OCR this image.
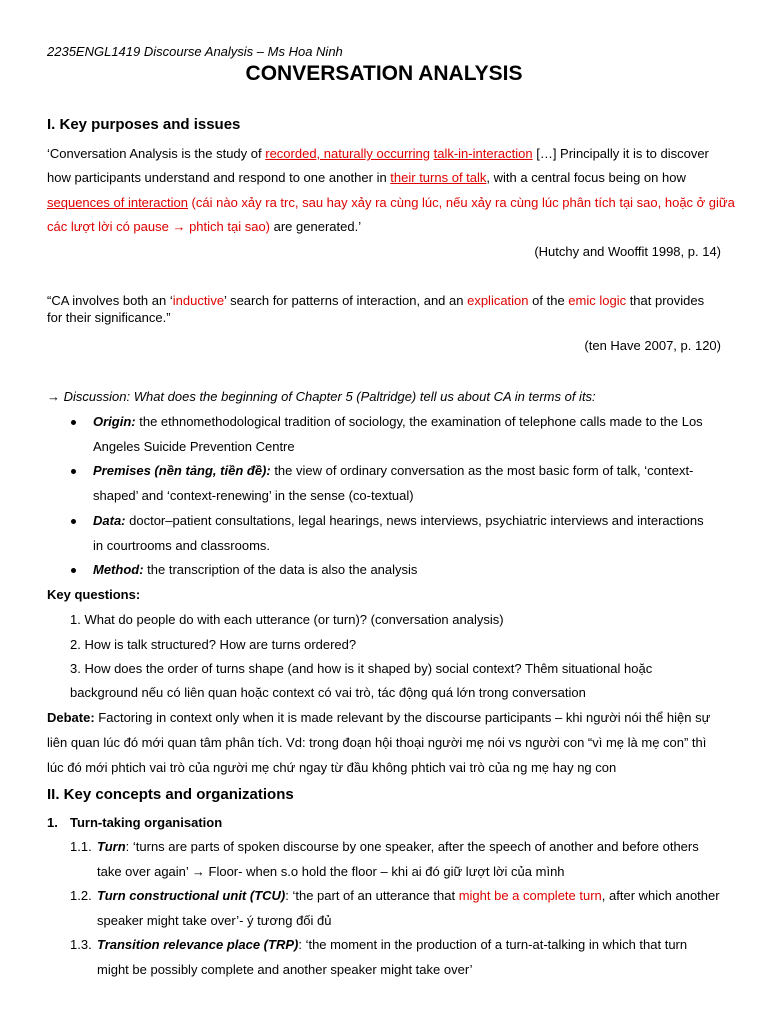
2235ENGL1419 Discourse Analysis – Ms Hoa Ninh
CONVERSATION ANALYSIS
I. Key purposes and issues
‘Conversation Analysis is the study of recorded, naturally occurring talk-in-interaction […] Principally it is to discover
how participants understand and respond to one another in their turns of talk, with a central focus being on how
sequences of interaction (cái nào xảy ra trc, sau hay xảy ra cùng lúc, nếu xảy ra cùng lúc phân tích tại sao, hoặc ở giữa
các lượt lời có pause → phtich tại sao) are generated.’
(Hutchy and Wooffit 1998, p. 14)
“CA involves both an ‘inductive’ search for patterns of interaction, and an explication of the emic logic that provides
for their significance.”
(ten Have 2007, p. 120)
→ Discussion: What does the beginning of Chapter 5 (Paltridge) tell us about CA in terms of its:
Origin: the ethnomethodological tradition of sociology, the examination of telephone calls made to the Los
Angeles Suicide Prevention Centre
Premises (nền tảng, tiền đề): the view of ordinary conversation as the most basic form of talk, ‘context-
shaped’ and ‘context-renewing’ in the sense (co-textual)
Data: doctor–patient consultations, legal hearings, news interviews, psychiatric interviews and interactions
in courtrooms and classrooms.
Method: the transcription of the data is also the analysis
Key questions:
1. What do people do with each utterance (or turn)? (conversation analysis)
2. How is talk structured? How are turns ordered?
3. How does the order of turns shape (and how is it shaped by) social context? Thêm situational hoặc
background nếu có liên quan hoặc context có vai trò, tác động quá lớn trong conversation
Debate: Factoring in context only when it is made relevant by the discourse participants – khi người nói thể hiện sự
liên quan lúc đó mới quan tâm phân tích. Vd: trong đoạn hội thoại người mẹ nói vs người con “vì mẹ là mẹ con” thì
lúc đó mới phtich vai trò của người mẹ chứ ngay từ đầu không phtich vai trò của ng mẹ hay ng con
II. Key concepts and organizations
1. Turn-taking organisation
1.1. Turn: ‘turns are parts of spoken discourse by one speaker, after the speech of another and before others
take over again’ → Floor- when s.o hold the floor – khi ai đó giữ lượt lời của mình
1.2. Turn constructional unit (TCU): ‘the part of an utterance that might be a complete turn, after which another
speaker might take over’- ý tương đối đủ
1.3. Transition relevance place (TRP): ‘the moment in the production of a turn-at-talking in which that turn
might be possibly complete and another speaker might take over’
